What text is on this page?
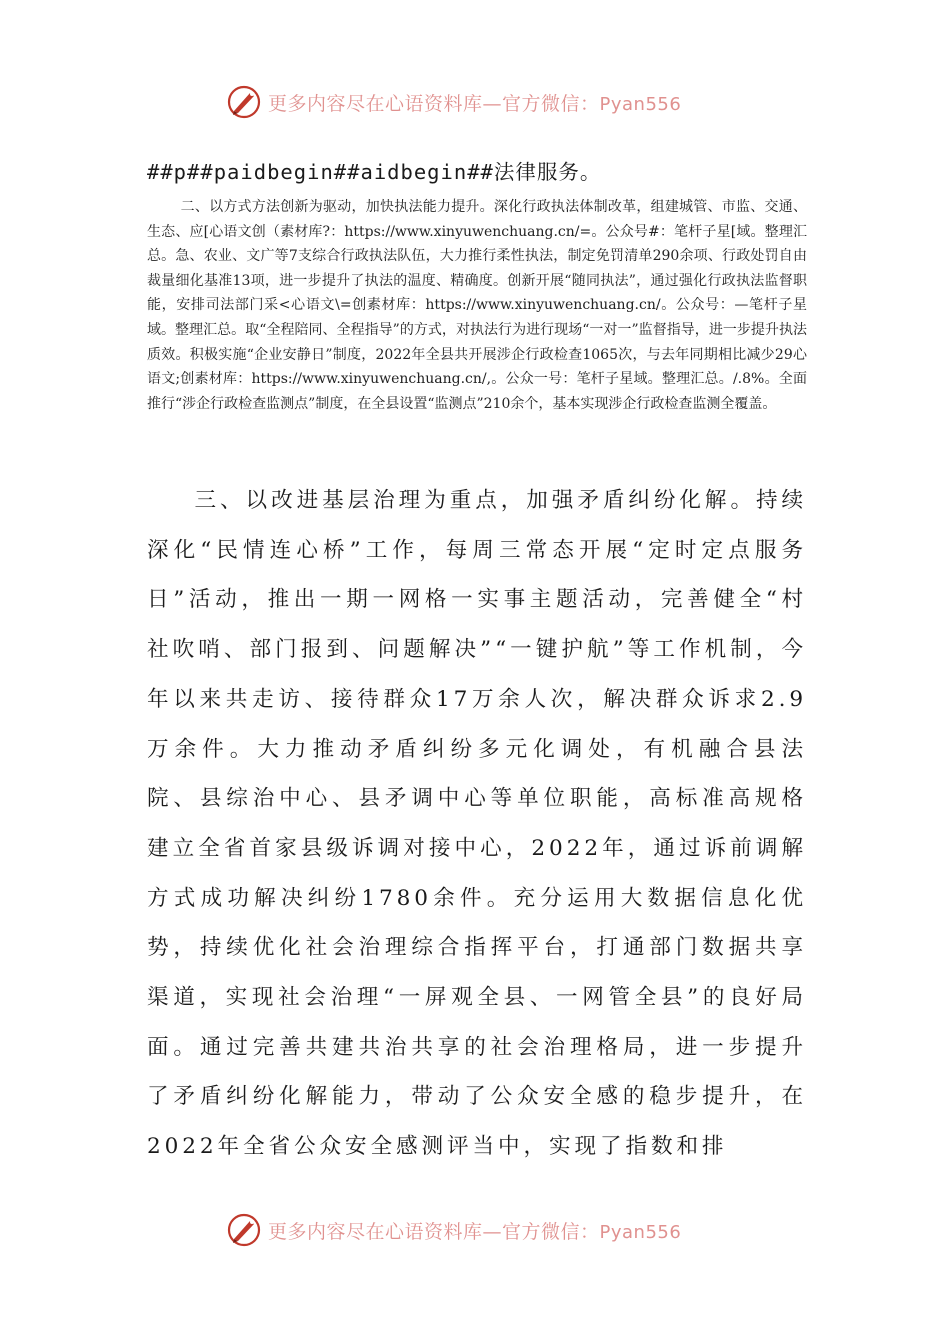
更多内容尽在心语资料库—官方微信：Pyan556
##p##paidbegin##aidbegin##法律服务。

二、以方式方法创新为驱动，加快执法能力提升。深化行政执法体制改革，组建城管、市监、交通、生态、应[心语文创（素材库?：https://www.xinyuwenchuang.cn/=。公众号#：笔杆子星[域。整理汇总。急、农业、文广等7支综合行政执法队伍，大力推行柔性执法，制定免罚清单290余项、行政处罚自由裁量细化基准13项，进一步提升了执法的温度、精确度。创新开展“随同执法”，通过强化行政执法监督职能，安排司法部门采<心语文\=创素材库：https://www.xinyuwenchuang.cn/。公众号：—笔杆子星域。整理汇总。取“全程陪同、全程指导”的方式，对执法行为进行现场“一对一”监督指导，进一步提升执法质效。积极实施“企业安静日”制度，2022年全县共开展涉企行政检查1065次，与去年同期相比减少29心语文;创素材库：https://www.xinyuwenchuang.cn/,。公众一号：笔杆子星域。整理汇总。/.8%。全面推行“涉企行政检查监测点”制度，在全县设置“监测点”210余个，基本实现涉企行政检查监测全覆盖。

三、以改进基层治理为重点，加强矛盾纠纷化解。持续深化“民情连心桥”工作，每周三常态开展“定时定点服务日”活动，推出一期一网格一实事主题活动，完善健全“村社吹哨、部门报到、问题解决”“一键护航”等工作机制，今年以来共走访、接待群众17万余人次，解决群众诉求2.9万余件。大力推动矛盾纠纷多元化调处，有机融合县法院、县综治中心、县矛调中心等单位职能，高标准高规格建立全省首家县级诉调对接中心，2022年，通过诉前调解方式成功解决纠纷1780余件。充分运用大数据信息化优势，持续优化社会治理综合指挥平台，打通部门数据共享渠道，实现社会治理“一屏观全县、一网管全县”的良好局面。通过完善共建共治共享的社会治理格局，进一步提升了矛盾纠纷化解能力，带动了公众安全感的稳步提升，在2022年全省公众安全感测评当中，实现了指数和排

更多内容尽在心语资料库—官方微信：Pyan556
